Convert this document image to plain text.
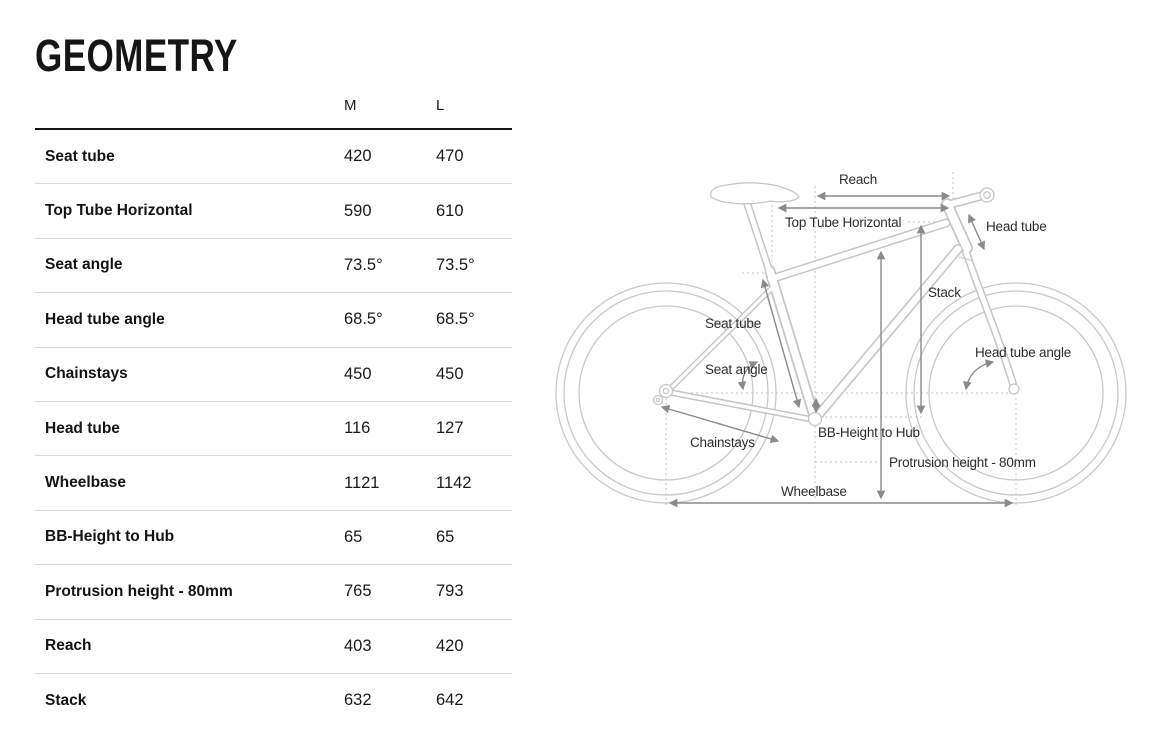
GEOMETRY
M	L
Seat tube	420	470
Top Tube Horizontal	590	610
Seat angle	73.5°	73.5°
Head tube angle	68.5°	68.5°
Chainstays	450	450
Head tube	116	127
Wheelbase	1121	1142
BB-Height to Hub	65	65
Protrusion height - 80mm	765	793
Reach	403	420
Stack	632	642
Reach
Top Tube Horizontal	Head tube
Stack
Seat tube
Seat angle
Head tube angle
Chainstays
BB-Height to Hub
Protrusion height - 80mm
Wheelbase
